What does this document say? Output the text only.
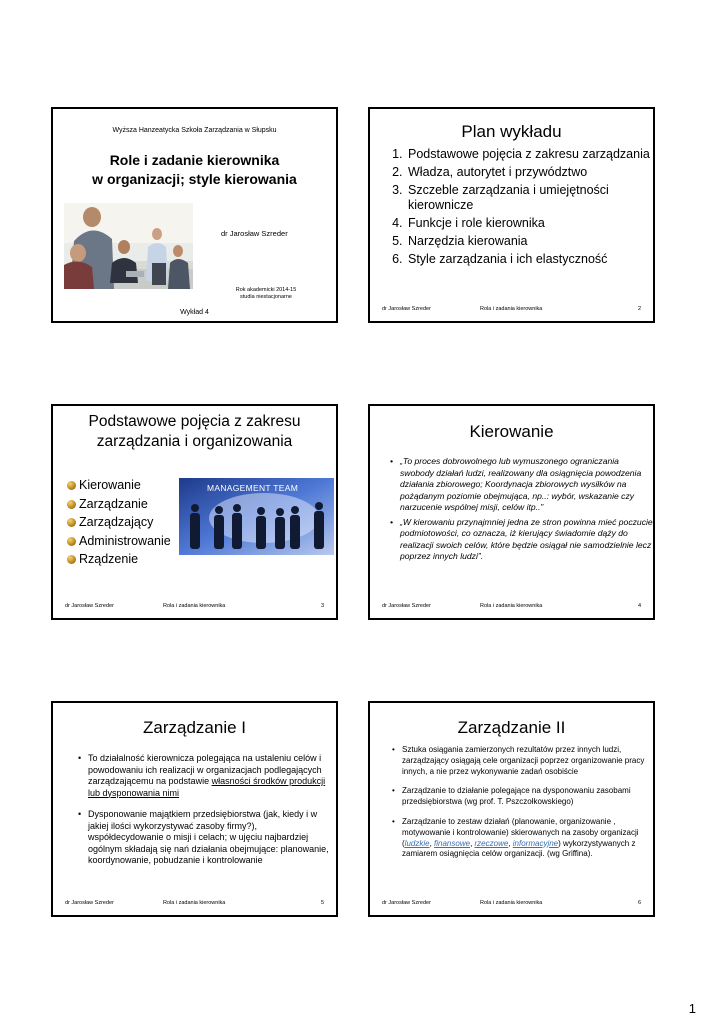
Wyższa Hanzeatycka Szkoła Zarządzania w Słupsku
Role i zadanie kierownika
w organizacji; style kierowania
dr Jarosław Szreder
Rok akademicki 2014-15
studia niestacjonarne
Wykład 4
Plan wykładu
1. Podstawowe pojęcia z zakresu zarządzania
2. Władza, autorytet i przywództwo
3. Szczeble zarządzania i umiejętności kierownicze
4. Funkcje i role kierownika
5. Narzędzia kierowania
6. Style zarządzania i ich elastyczność
dr Jarosław Szreder	Rola i zadania kierownika	2
Podstawowe pojęcia z zakresu
zarządzania i organizowania
Kierowanie
Zarządzanie
Zarządzający
Administrowanie
Rządzenie
MANAGEMENT TEAM
dr Jarosław Szreder	Rola i zadania kierownika	3
Kierowanie
• „To proces dobrowolnego lub wymuszonego ograniczania swobody działań ludzi, realizowany dla osiągnięcia powodzenia działania zbiorowego; Koordynacja zbiorowych wysiłków na pożądanym poziomie obejmująca, np..: wybór, wskazanie czy narzucenie wspólnej misji, celów itp..”
• „W kierowaniu przynajmniej jedna ze stron powinna mieć poczucie podmiotowości, co oznacza, iż kierujący świadomie dąży do realizacji swoich celów, które będzie osiągał nie samodzielnie lecz poprzez innych ludzi”.
dr Jarosław Szreder	Rola i zadania kierownika	4
Zarządzanie I
• To działalność kierownicza polegająca na ustaleniu celów i powodowaniu ich realizacji w organizacjach podlegających zarządzającemu na podstawie własności środków produkcji lub dysponowania nimi
• Dysponowanie majątkiem przedsiębiorstwa (jak, kiedy i w jakiej ilości wykorzystywać zasoby firmy?), współdecydowanie o misji i celach; w ujęciu najbardziej ogólnym składają się nań działania obejmujące: planowanie, koordynowanie, pobudzanie i kontrolowanie
dr Jarosław Szreder	Rola i zadania kierownika	5
Zarządzanie II
• Sztuka osiągania zamierzonych rezultatów przez innych ludzi, zarządzający osiągają cele organizacji poprzez organizowanie pracy innych, a nie przez wykonywanie zadań osobiście
• Zarządzanie to działanie polegające na dysponowaniu zasobami przedsiębiorstwa (wg prof. T. Pszczołkowskiego)
• Zarządzanie to zestaw działań (planowanie, organizowanie , motywowanie i kontrolowanie) skierowanych na zasoby organizacji (ludzkie, finansowe, rzeczowe, informacyjne) wykorzystywanych z zamiarem osiągnięcia celów organizacji. (wg Griffina).
dr Jarosław Szreder	Rola i zadania kierownika	6
1
